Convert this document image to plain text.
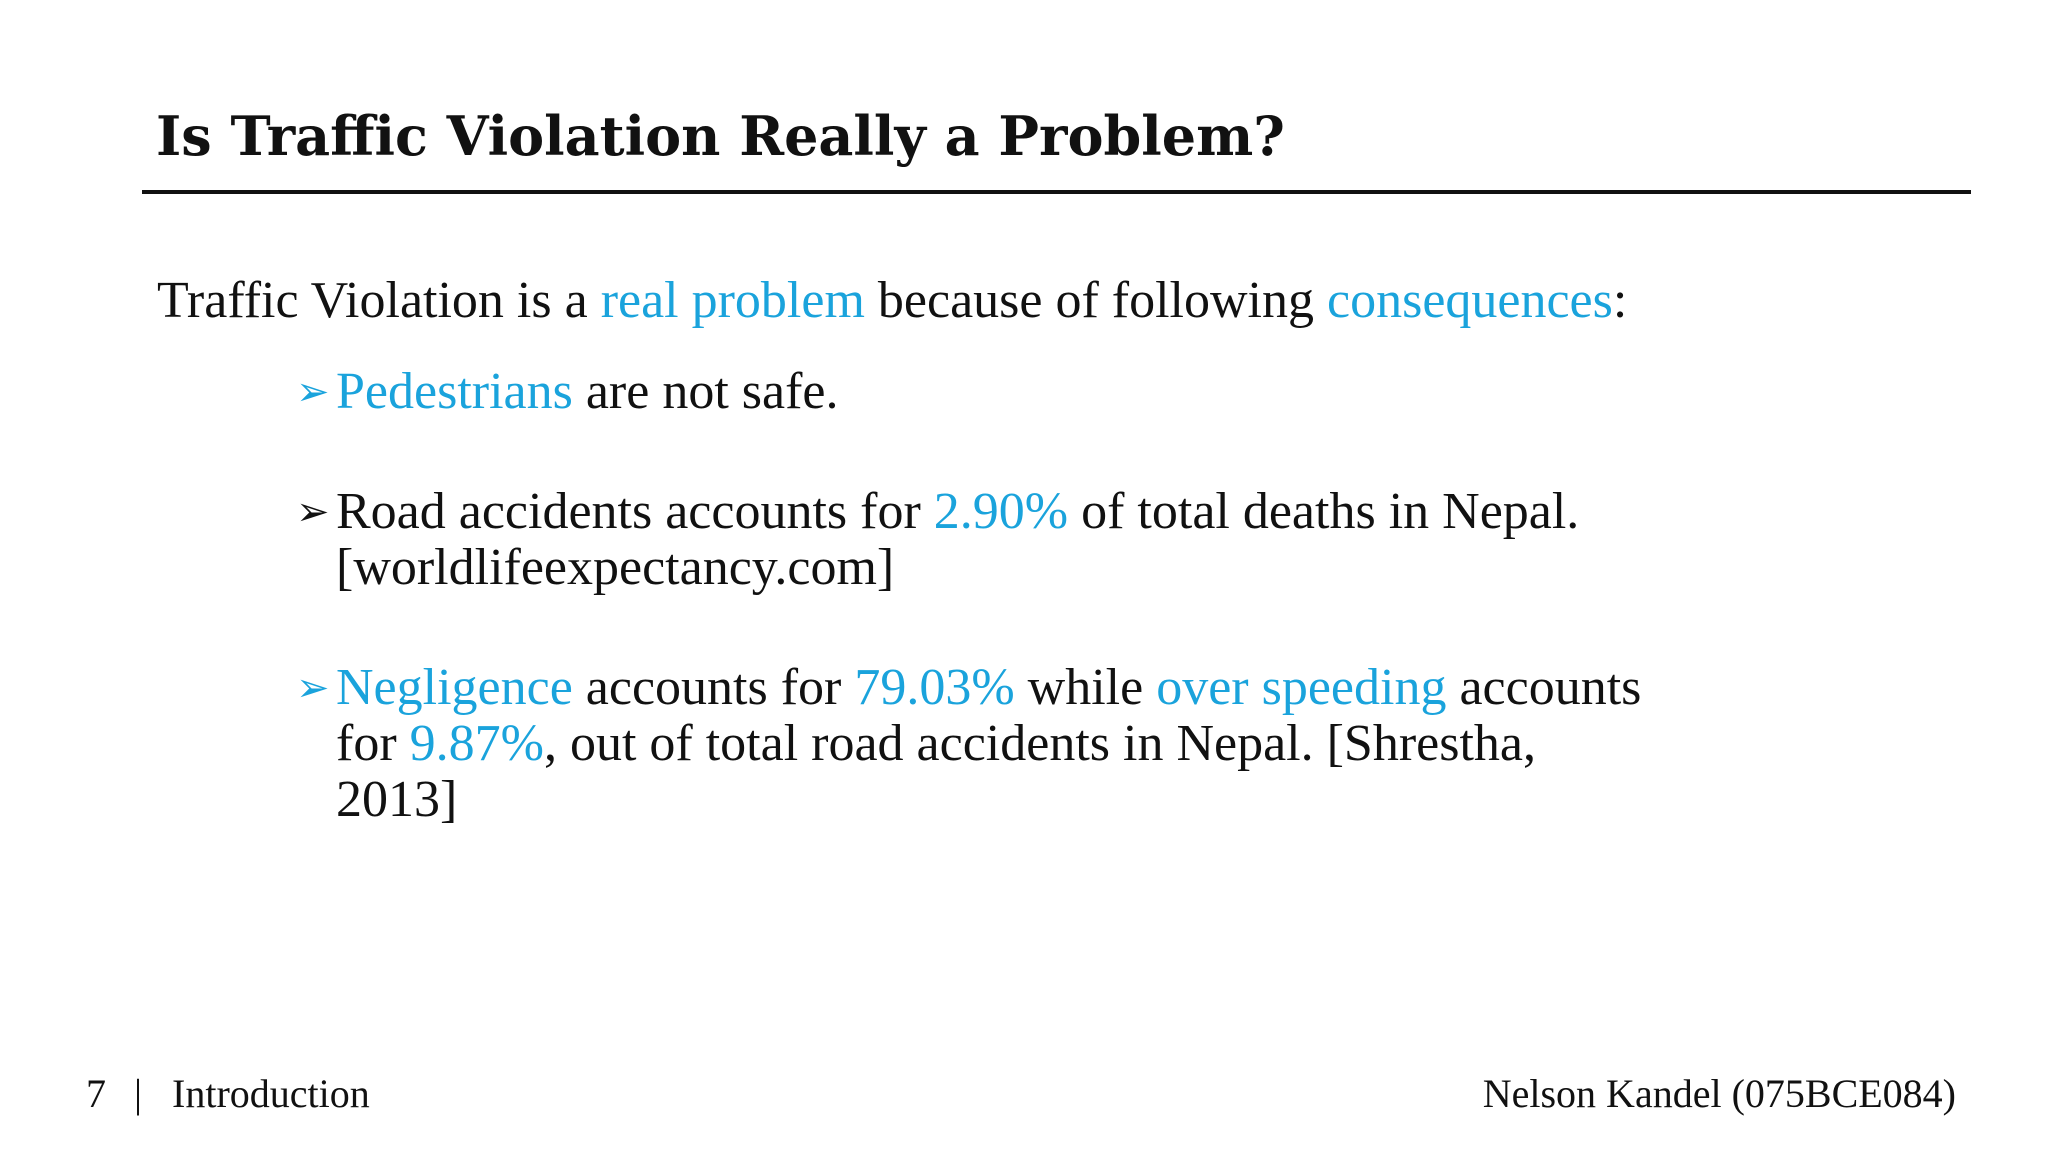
Is Traffic Violation Really a Problem?
Traffic Violation is a real problem because of following consequences:
➢ Pedestrians are not safe.
➢ Road accidents accounts for 2.90% of total deaths in Nepal.
[worldlifeexpectancy.com]
➢ Negligence accounts for 79.03% while over speeding accounts
for 9.87%, out of total road accidents in Nepal. [Shrestha,
2013]
7 | Introduction	Nelson Kandel (075BCE084)
